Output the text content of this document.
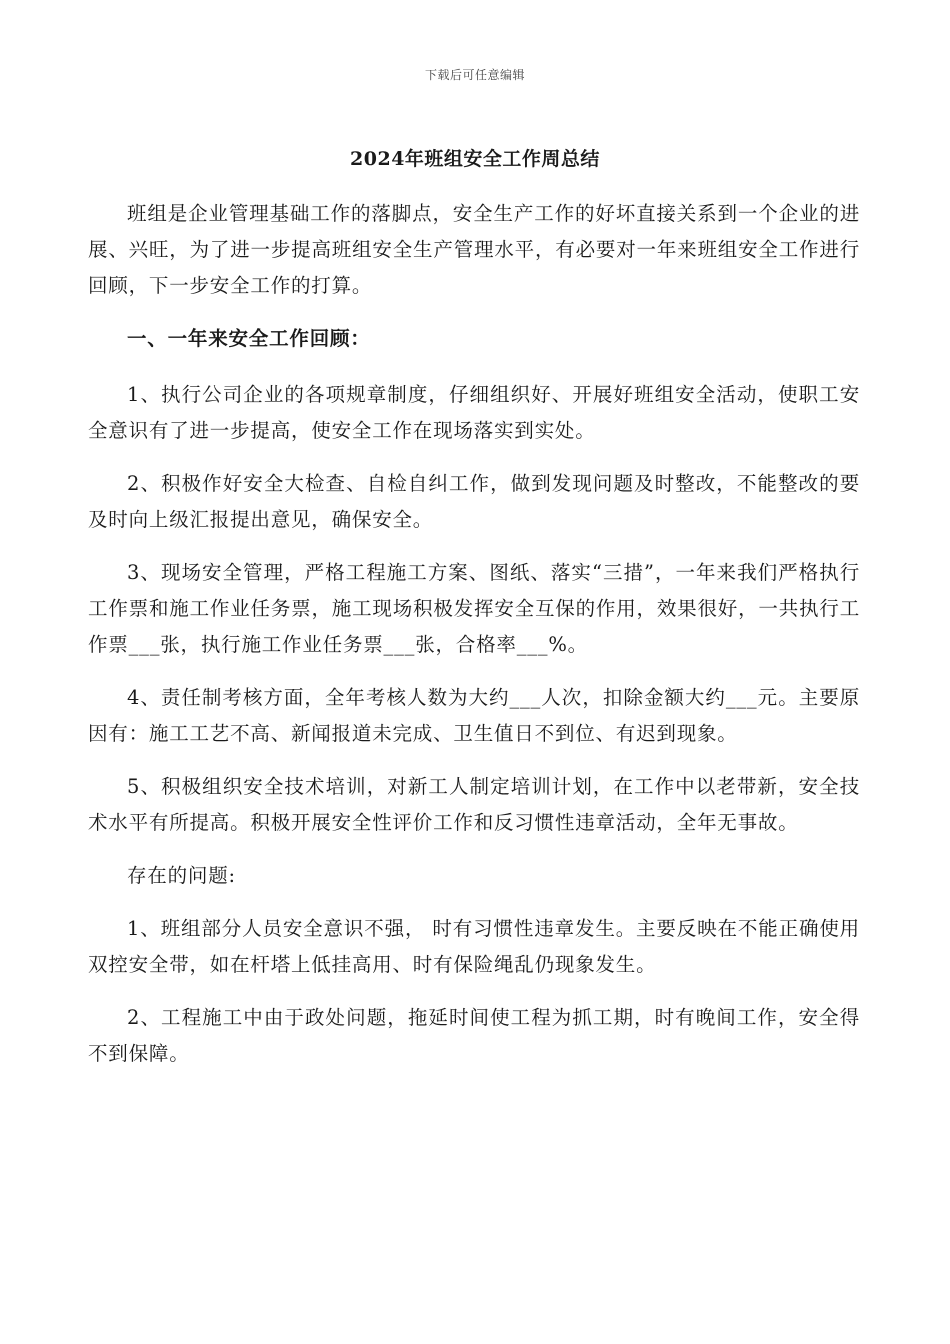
下载后可任意编辑
2024年班组安全工作周总结

班组是企业管理基础工作的落脚点，安全生产工作的好坏直接关系到一个企业的进展、兴旺，为了进一步提高班组安全生产管理水平，有必要对一年来班组安全工作进行回顾，下一步安全工作的打算。

一、一年来安全工作回顾：

1、执行公司企业的各项规章制度，仔细组织好、开展好班组安全活动，使职工安全意识有了进一步提高，使安全工作在现场落实到实处。

2、积极作好安全大检查、自检自纠工作，做到发现问题及时整改，不能整改的要及时向上级汇报提出意见，确保安全。

3、现场安全管理，严格工程施工方案、图纸、落实“三措”，一年来我们严格执行工作票和施工作业任务票，施工现场积极发挥安全互保的作用，效果很好，一共执行工作票___张，执行施工作业任务票___张，合格率___%。

4、责任制考核方面，全年考核人数为大约___人次，扣除金额大约___元。主要原因有：施工工艺不高、新闻报道未完成、卫生值日不到位、有迟到现象。

5、积极组织安全技术培训，对新工人制定培训计划，在工作中以老带新，安全技术水平有所提高。积极开展安全性评价工作和反习惯性违章活动，全年无事故。

存在的问题:

1、班组部分人员安全意识不强， 时有习惯性违章发生。主要反映在不能正确使用双控安全带，如在杆塔上低挂高用、时有保险绳乱仍现象发生。

2、工程施工中由于政处问题，拖延时间使工程为抓工期，时有晚间工作，安全得不到保障。
